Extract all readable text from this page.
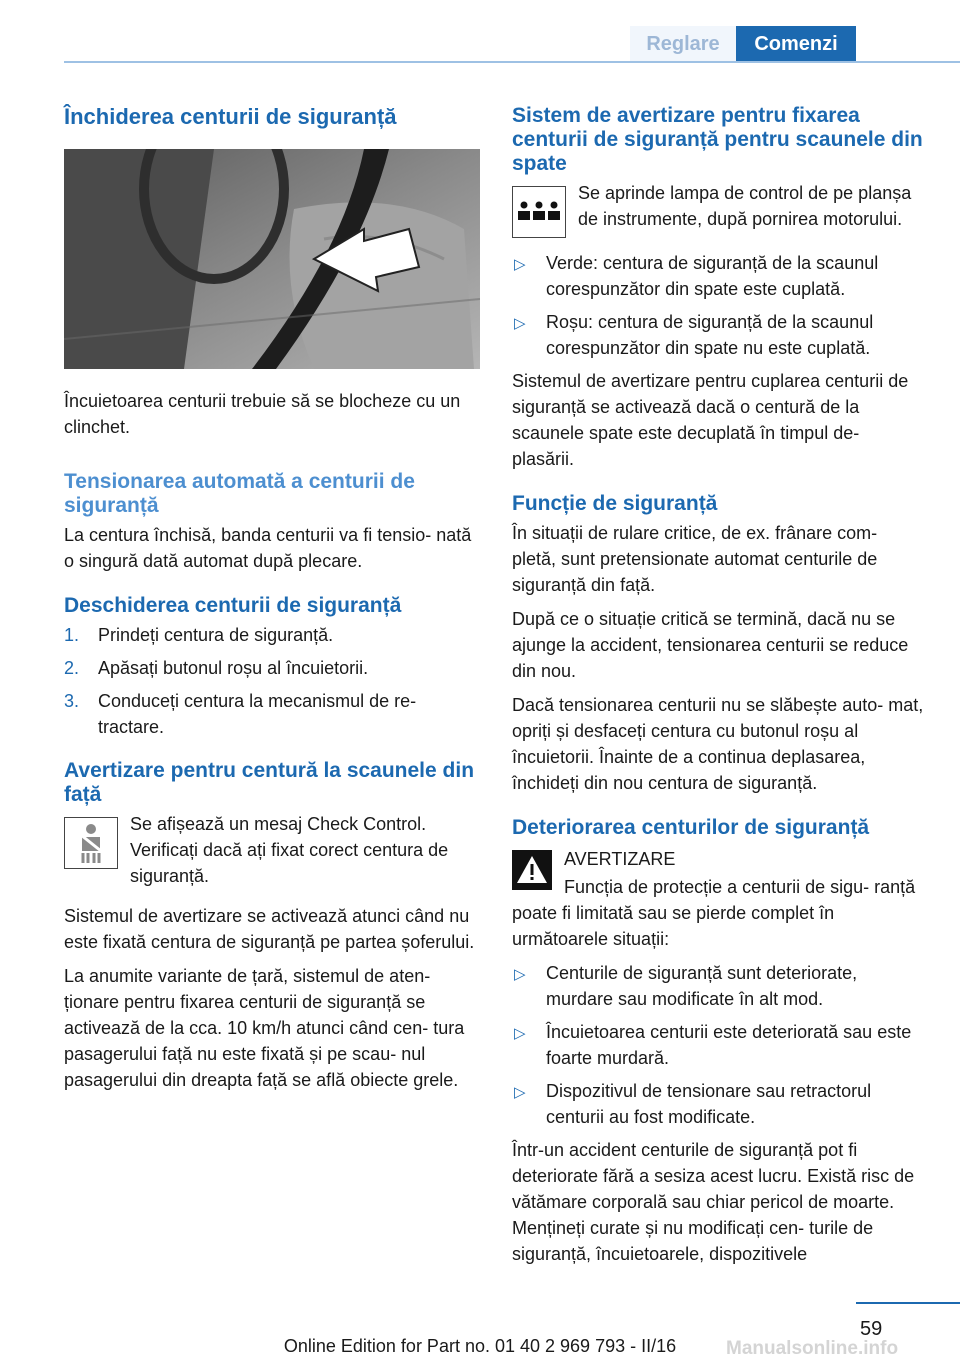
Reglare	Comenzi
Închiderea centurii de siguranță

Încuietoarea centurii trebuie să se blocheze cu un clinchet.

Tensionarea automată a centurii de siguranță

La centura închisă, banda centurii va fi tensio‐ nată o singură dată automat după plecare.

Deschiderea centurii de siguranță
1. Prindeți centura de siguranță.
2. Apăsați butonul roșu al încuietorii.
3. Conduceți centura la mecanismul de re‐ tractare.
Avertizare pentru centură la scaunele din față

Se afișează un mesaj Check Control. Verificați dacă ați fixat corect centura de siguranță.

Sistemul de avertizare se activează atunci când nu este fixată centura de siguranță pe partea șoferului.

La anumite variante de țară, sistemul de aten‐ ționare pentru fixarea centurii de siguranță se activează de la cca. 10 km/h atunci când cen‐ tura pasagerului față nu este fixată și pe scau‐ nul pasagerului din dreapta față se află obiecte grele.

Sistem de avertizare pentru fixarea centurii de siguranță pentru scaunele din spate

Se aprinde lampa de control de pe planșa de instrumente, după pornirea motorului.

▷ Verde: centura de siguranță de la scaunul corespunzător din spate este cuplată.
▷ Roșu: centura de siguranță de la scaunul corespunzător din spate nu este cuplată.

Sistemul de avertizare pentru cuplarea centurii de siguranță se activează dacă o centură de la scaunele spate este decuplată în timpul de‐ plasării.

Funcție de siguranță

În situații de rulare critice, de ex. frânare com‐ pletă, sunt pretensionate automat centurile de siguranță din față.

După ce o situație critică se termină, dacă nu se ajunge la accident, tensionarea centurii se reduce din nou.

Dacă tensionarea centurii nu se slăbește auto‐ mat, opriți și desfaceți centura cu butonul roșu al încuietorii. Înainte de a continua deplasarea, închideți din nou centura de siguranță.

Deteriorarea centurilor de siguranță

AVERTIZARE

Funcția de protecție a centurii de sigu‐ ranță poate fi limitată sau se pierde complet în următoarele situații:

▷ Centurile de siguranță sunt deteriorate, murdare sau modificate în alt mod.
▷ Încuietoarea centurii este deteriorată sau este foarte murdară.
▷ Dispozitivul de tensionare sau retractorul centurii au fost modificate.

Într-un accident centurile de siguranță pot fi deteriorate fără a sesiza acest lucru. Există risc de vătămare corporală sau chiar pericol de moarte. Mențineți curate și nu modificați cen‐ turile de siguranță, încuietoarele, dispozitivele

59
Manualsonline.info
Online Edition for Part no. 01 40 2 969 793 - II/16
